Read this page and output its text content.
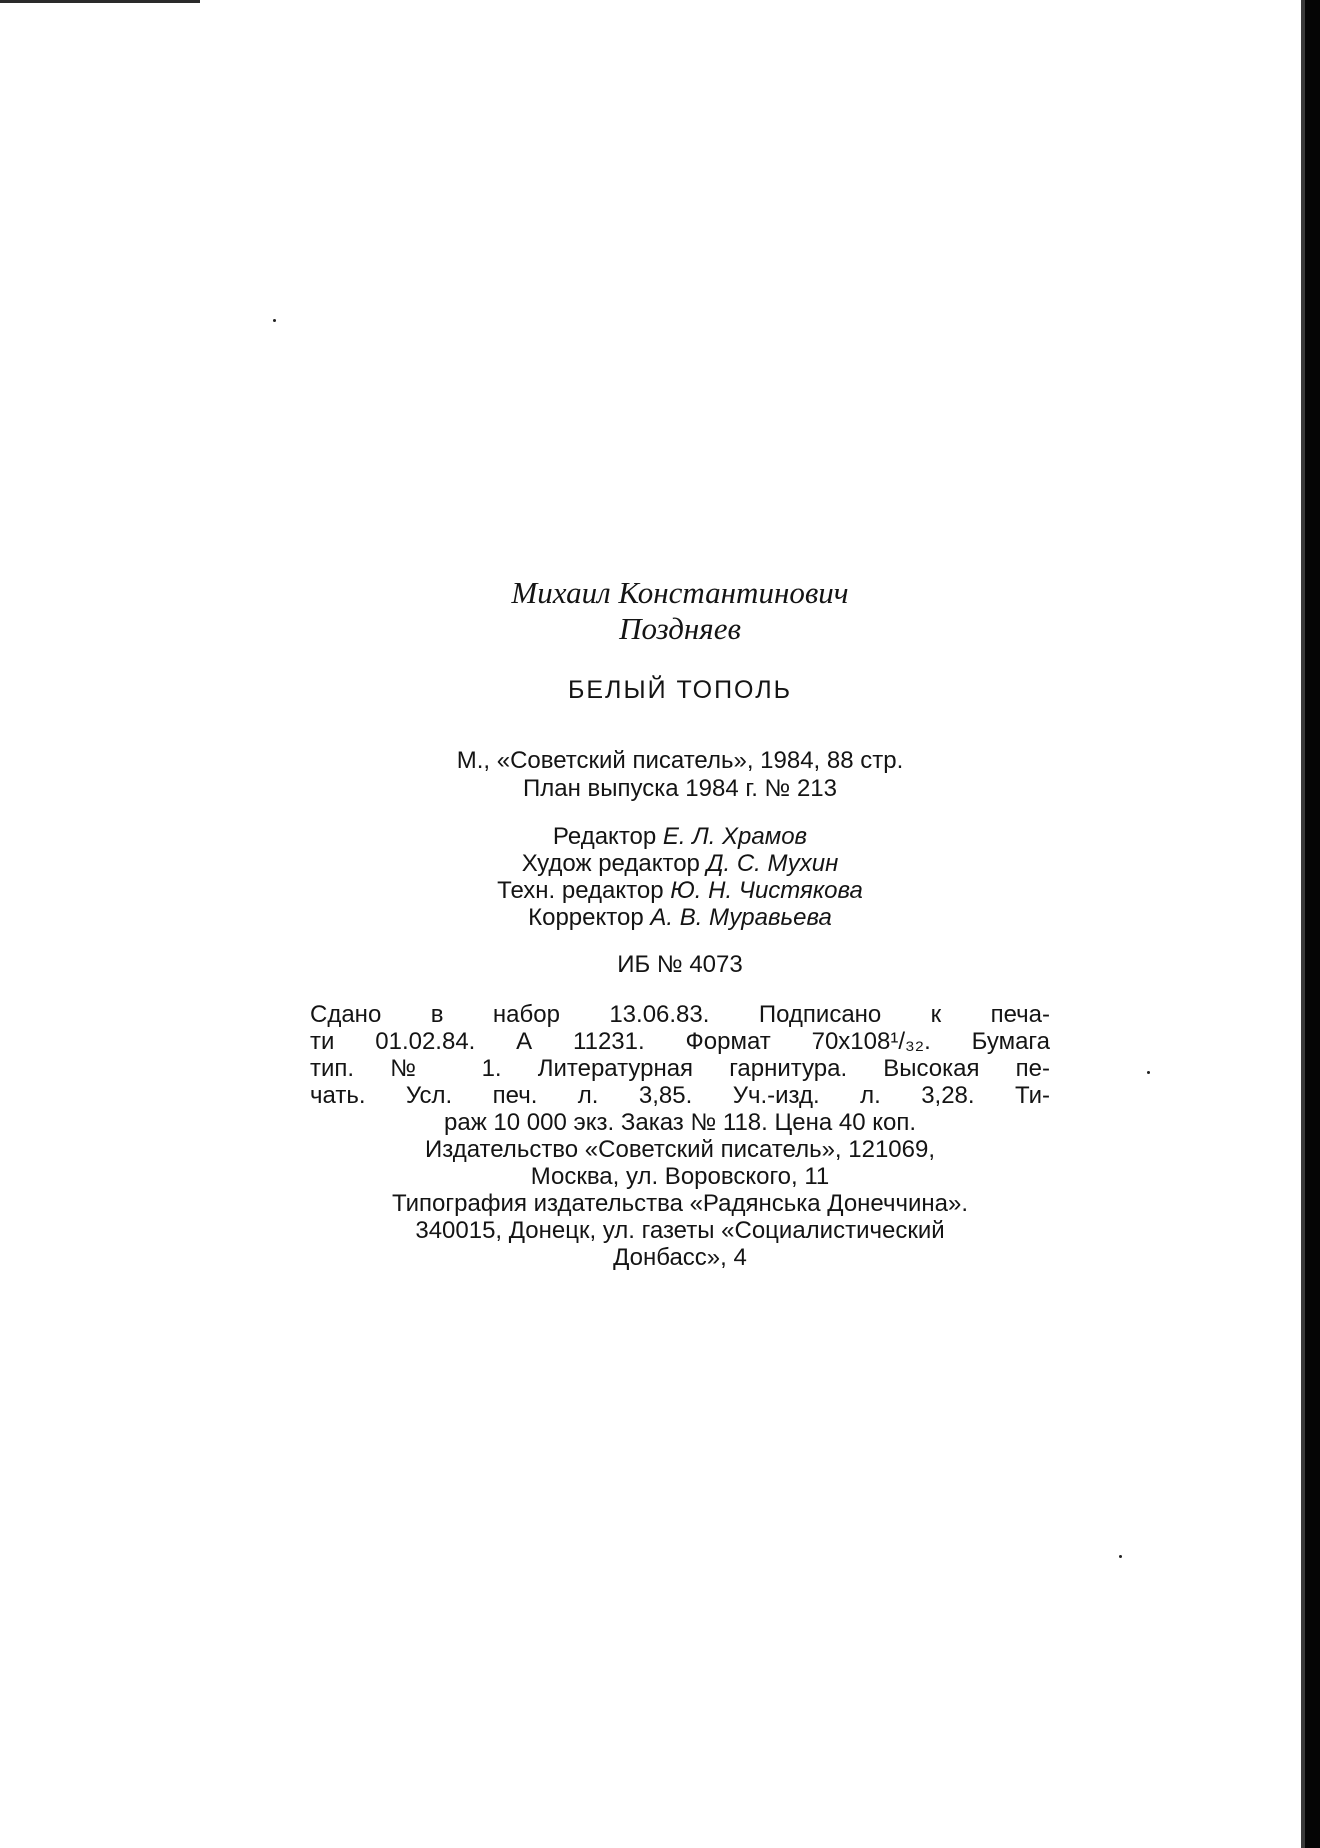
Михаил Константинович
Поздняев

БЕЛЫЙ ТОПОЛЬ

М., «Советский писатель», 1984, 88 стр.
План выпуска 1984 г. № 213
Редактор Е. Л. Храмов
Худож редактор Д. С. Мухин
Техн. редактор Ю. Н. Чистякова
Корректор А. В. Муравьева
ИБ № 4073
Сдано в набор 13.06.83. Подписано к печа-
ти 01.02.84. А 11231. Формат 70x108¹/₃₂. Бумага
тип. № 1. Литературная гарнитура. Высокая пе-
чать. Усл. печ. л. 3,85. Уч.-изд. л. 3,28. Ти-
раж 10 000 экз. Заказ № 118. Цена 40 коп.
Издательство «Советский писатель», 121069,
Москва, ул. Воровского, 11
Типография издательства «Радянська Донеччина».
340015, Донецк, ул. газеты «Социалистический
Донбасс», 4
